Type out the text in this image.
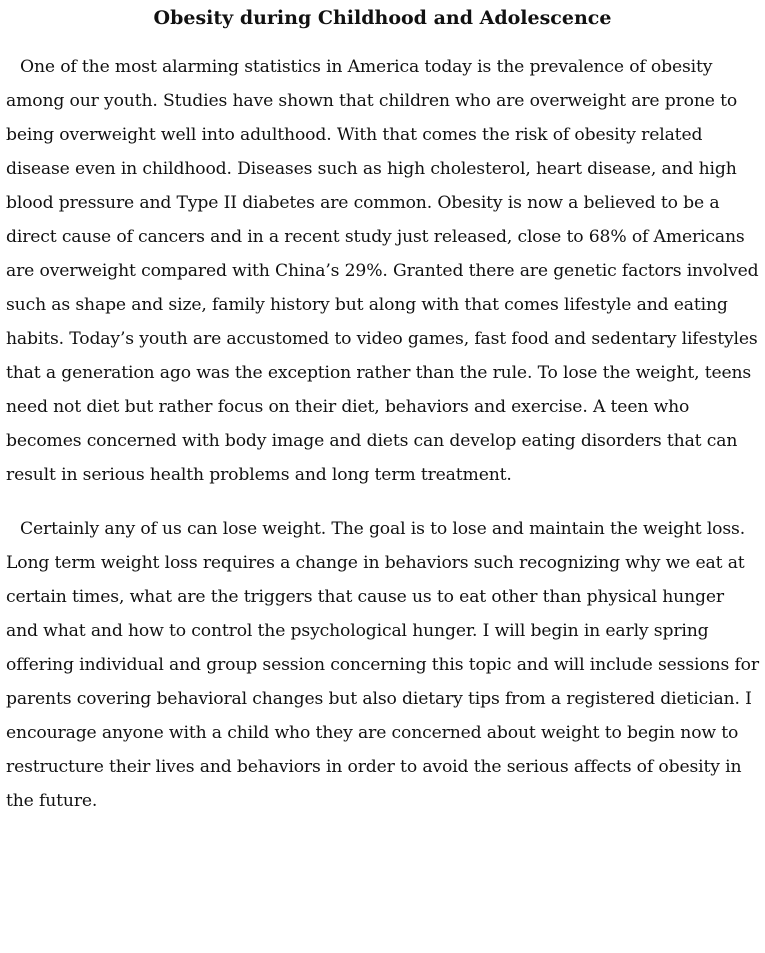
Obesity during Childhood and Adolescence

One of the most alarming statistics in America today is the prevalence of obesity among our youth. Studies have shown that children who are overweight are prone to being overweight well into adulthood. With that comes the risk of obesity related disease even in childhood. Diseases such as high cholesterol, heart disease, and high blood pressure and Type II diabetes are common. Obesity is now a believed to be a direct cause of cancers and in a recent study just released, close to 68% of Americans are overweight compared with China’s 29%. Granted there are genetic factors involved such as shape and size, family history but along with that comes lifestyle and eating habits. Today’s youth are accustomed to video games, fast food and sedentary lifestyles that a generation ago was the exception rather than the rule. To lose the weight, teens need not diet but rather focus on their diet, behaviors and exercise. A teen who becomes concerned with body image and diets can develop eating disorders that can result in serious health problems and long term treatment.

Certainly any of us can lose weight. The goal is to lose and maintain the weight loss. Long term weight loss requires a change in behaviors such recognizing why we eat at certain times, what are the triggers that cause us to eat other than physical hunger and what and how to control the psychological hunger. I will begin in early spring offering individual and group session concerning this topic and will include sessions for parents covering behavioral changes but also dietary tips from a registered dietician. I encourage anyone with a child who they are concerned about weight to begin now to restructure their lives and behaviors in order to avoid the serious affects of obesity in the future.
